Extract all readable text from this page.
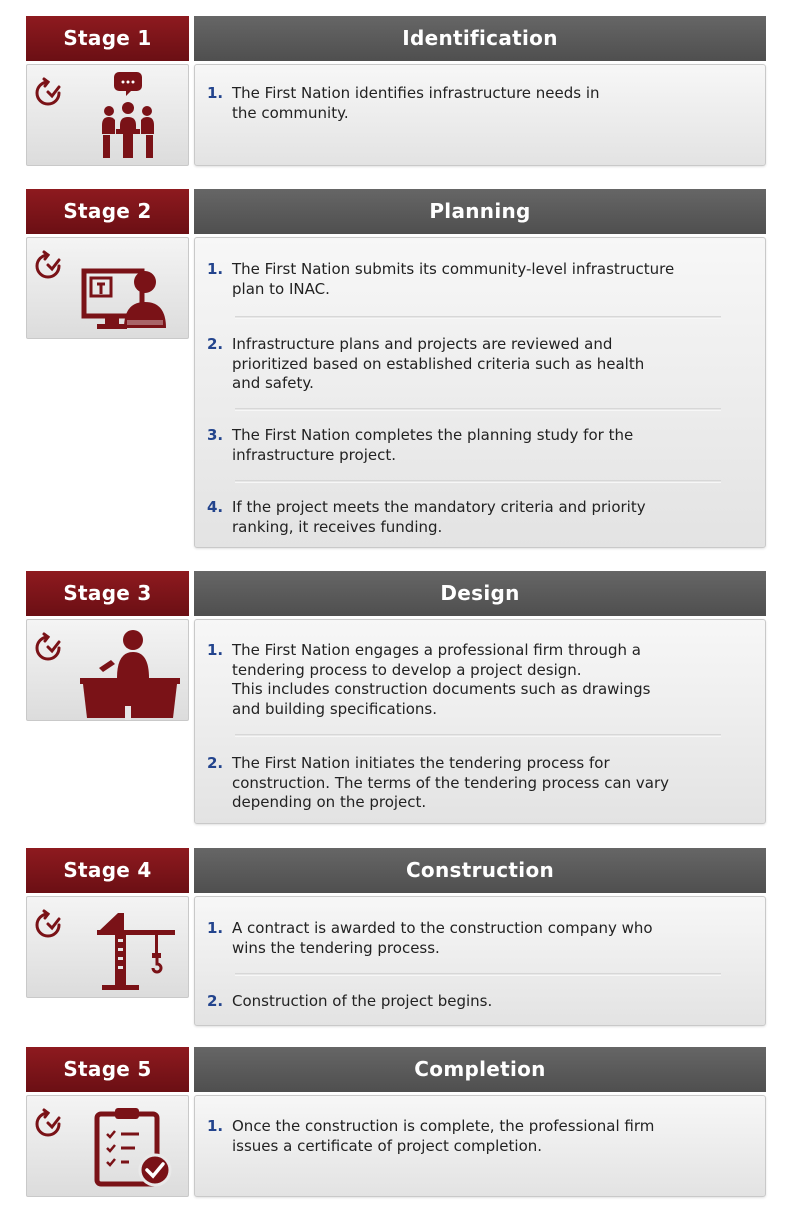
Stage 1	Identification
1. The First Nation identifies infrastructure needs in
the community.
Stage 2	Planning
1. The First Nation submits its community-level infrastructure
plan to INAC.
2. Infrastructure plans and projects are reviewed and
prioritized based on established criteria such as health
and safety.
3. The First Nation completes the planning study for the
infrastructure project.
4. If the project meets the mandatory criteria and priority
ranking, it receives funding.
Stage 3	Design
1. The First Nation engages a professional firm through a
tendering process to develop a project design.
This includes construction documents such as drawings
and building specifications.
2. The First Nation initiates the tendering process for
construction. The terms of the tendering process can vary
depending on the project.
Stage 4	Construction
1. A contract is awarded to the construction company who
wins the tendering process.
2. Construction of the project begins.
Stage 5	Completion
1. Once the construction is complete, the professional firm
issues a certificate of project completion.
